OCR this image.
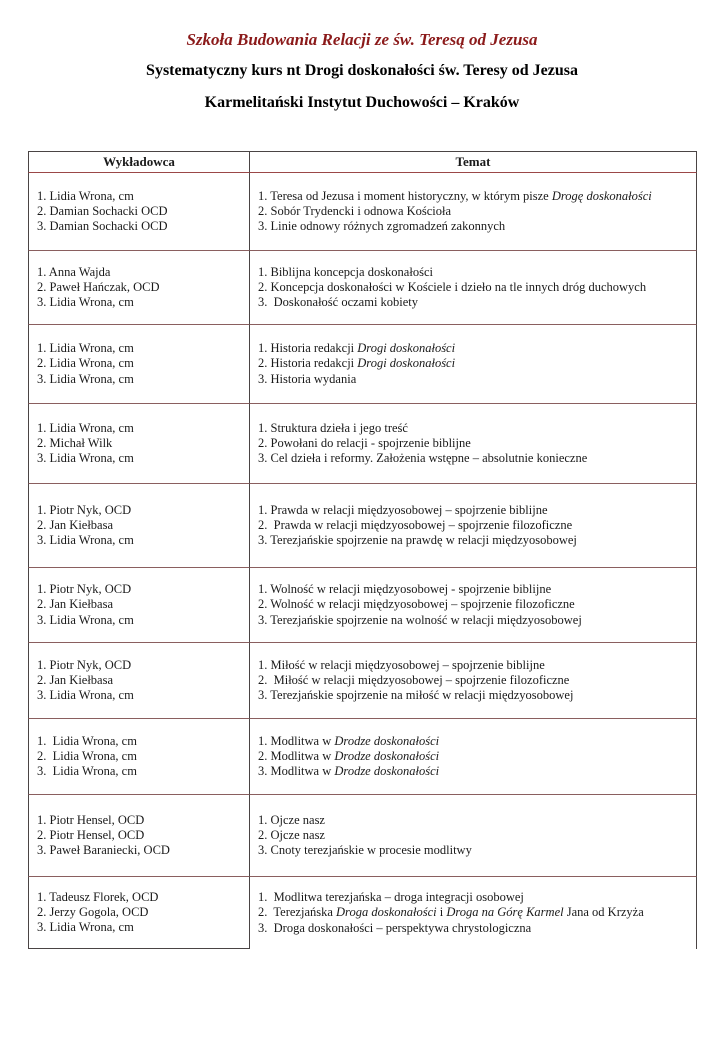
Szkoła Budowania Relacji ze św. Teresą od Jezusa
Systematyczny kurs nt Drogi doskonałości św. Teresy od Jezusa
Karmelitański Instytut Duchowości – Kraków
Wykładowca	Temat
1. Lidia Wrona, cm
2. Damian Sochacki OCD
3. Damian Sochacki OCD
1. Teresa od Jezusa i moment historyczny, w którym pisze Drogę doskonałości
2. Sobór Trydencki i odnowa Kościoła
3. Linie odnowy różnych zgromadzeń zakonnych
1. Anna Wajda
2. Paweł Hańczak, OCD
3. Lidia Wrona, cm
1. Biblijna koncepcja doskonałości
2. Koncepcja doskonałości w Kościele i dzieło na tle innych dróg duchowych
3.  Doskonałość oczami kobiety
1. Lidia Wrona, cm
2. Lidia Wrona, cm
3. Lidia Wrona, cm
1. Historia redakcji Drogi doskonałości
2. Historia redakcji Drogi doskonałości
3. Historia wydania
1. Lidia Wrona, cm
2. Michał Wilk
3. Lidia Wrona, cm
1. Struktura dzieła i jego treść
2. Powołani do relacji - spojrzenie biblijne
3. Cel dzieła i reformy. Założenia wstępne – absolutnie konieczne
1. Piotr Nyk, OCD
2. Jan Kiełbasa
3. Lidia Wrona, cm
1. Prawda w relacji międzyosobowej – spojrzenie biblijne
2.  Prawda w relacji międzyosobowej – spojrzenie filozoficzne
3. Terezjańskie spojrzenie na prawdę w relacji międzyosobowej
1. Piotr Nyk, OCD
2. Jan Kiełbasa
3. Lidia Wrona, cm
1. Wolność w relacji międzyosobowej - spojrzenie biblijne
2. Wolność w relacji międzyosobowej – spojrzenie filozoficzne
3. Terezjańskie spojrzenie na wolność w relacji międzyosobowej
1. Piotr Nyk, OCD
2. Jan Kiełbasa
3. Lidia Wrona, cm
1. Miłość w relacji międzyosobowej – spojrzenie biblijne
2.  Miłość w relacji międzyosobowej – spojrzenie filozoficzne
3. Terezjańskie spojrzenie na miłość w relacji międzyosobowej
1.  Lidia Wrona, cm
2.  Lidia Wrona, cm
3.  Lidia Wrona, cm
1. Modlitwa w Drodze doskonałości
2. Modlitwa w Drodze doskonałości
3. Modlitwa w Drodze doskonałości
1. Piotr Hensel, OCD
2. Piotr Hensel, OCD
3. Paweł Baraniecki, OCD
1. Ojcze nasz
2. Ojcze nasz
3. Cnoty terezjańskie w procesie modlitwy
1. Tadeusz Florek, OCD
2. Jerzy Gogola, OCD
3. Lidia Wrona, cm
1.  Modlitwa terezjańska – droga integracji osobowej
2.  Terezjańska Droga doskonałości i Droga na Górę Karmel Jana od Krzyża
3.  Droga doskonałości – perspektywa chrystologiczna
